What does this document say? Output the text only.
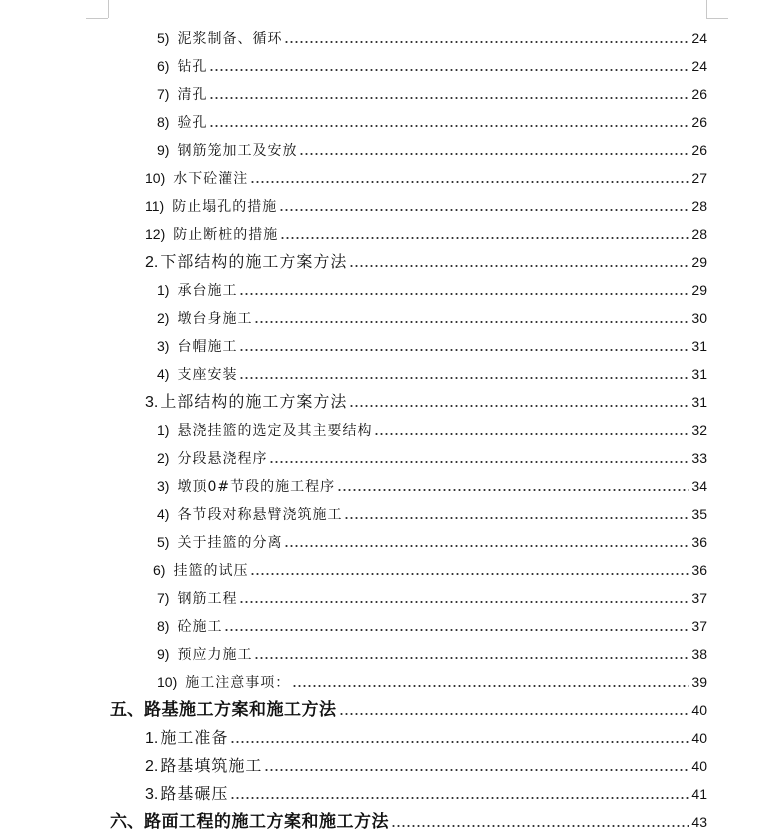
5) 泥浆制备、循环	24
6) 钻孔	24
7) 清孔	26
8) 验孔	26
9) 钢筋笼加工及安放	26
10) 水下砼灌注	27
11) 防止塌孔的措施	28
12) 防止断桩的措施	28
2. 下部结构的施工方案方法	29
1) 承台施工	29
2) 墩台身施工	30
3) 台帽施工	31
4) 支座安装	31
3. 上部结构的施工方案方法	31
1) 悬浇挂篮的选定及其主要结构	32
2) 分段悬浇程序	33
3) 墩顶0#节段的施工程序	34
4) 各节段对称悬臂浇筑施工	35
5) 关于挂篮的分离	36
6) 挂篮的试压	36
7) 钢筋工程	37
8) 砼施工	37
9) 预应力施工	38
10) 施工注意事项：	39
五、 路基施工方案和施工方法	40
1. 施工准备	40
2. 路基填筑施工	40
3. 路基碾压	41
六、 路面工程的施工方案和施工方法	43
